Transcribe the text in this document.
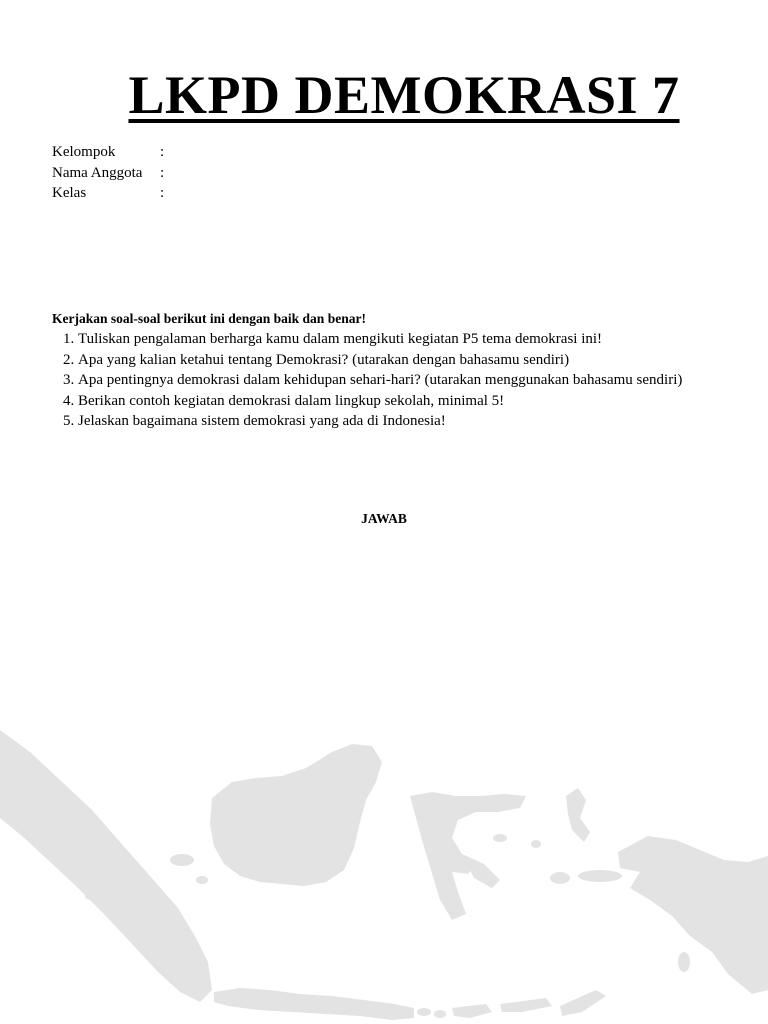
LKPD DEMOKRASI 7
Kelompok	:
Nama Anggota :
Kelas	:
Kerjakan soal-soal berikut ini dengan baik dan benar!
1. Tuliskan pengalaman berharga kamu dalam mengikuti kegiatan P5 tema demokrasi ini!
2. Apa yang kalian ketahui tentang Demokrasi? (utarakan dengan bahasamu sendiri)
3. Apa pentingnya demokrasi dalam kehidupan sehari-hari? (utarakan menggunakan bahasamu sendiri)
4. Berikan contoh kegiatan demokrasi dalam lingkup sekolah, minimal 5!
5. Jelaskan bagaimana sistem demokrasi yang ada di Indonesia!
JAWAB
